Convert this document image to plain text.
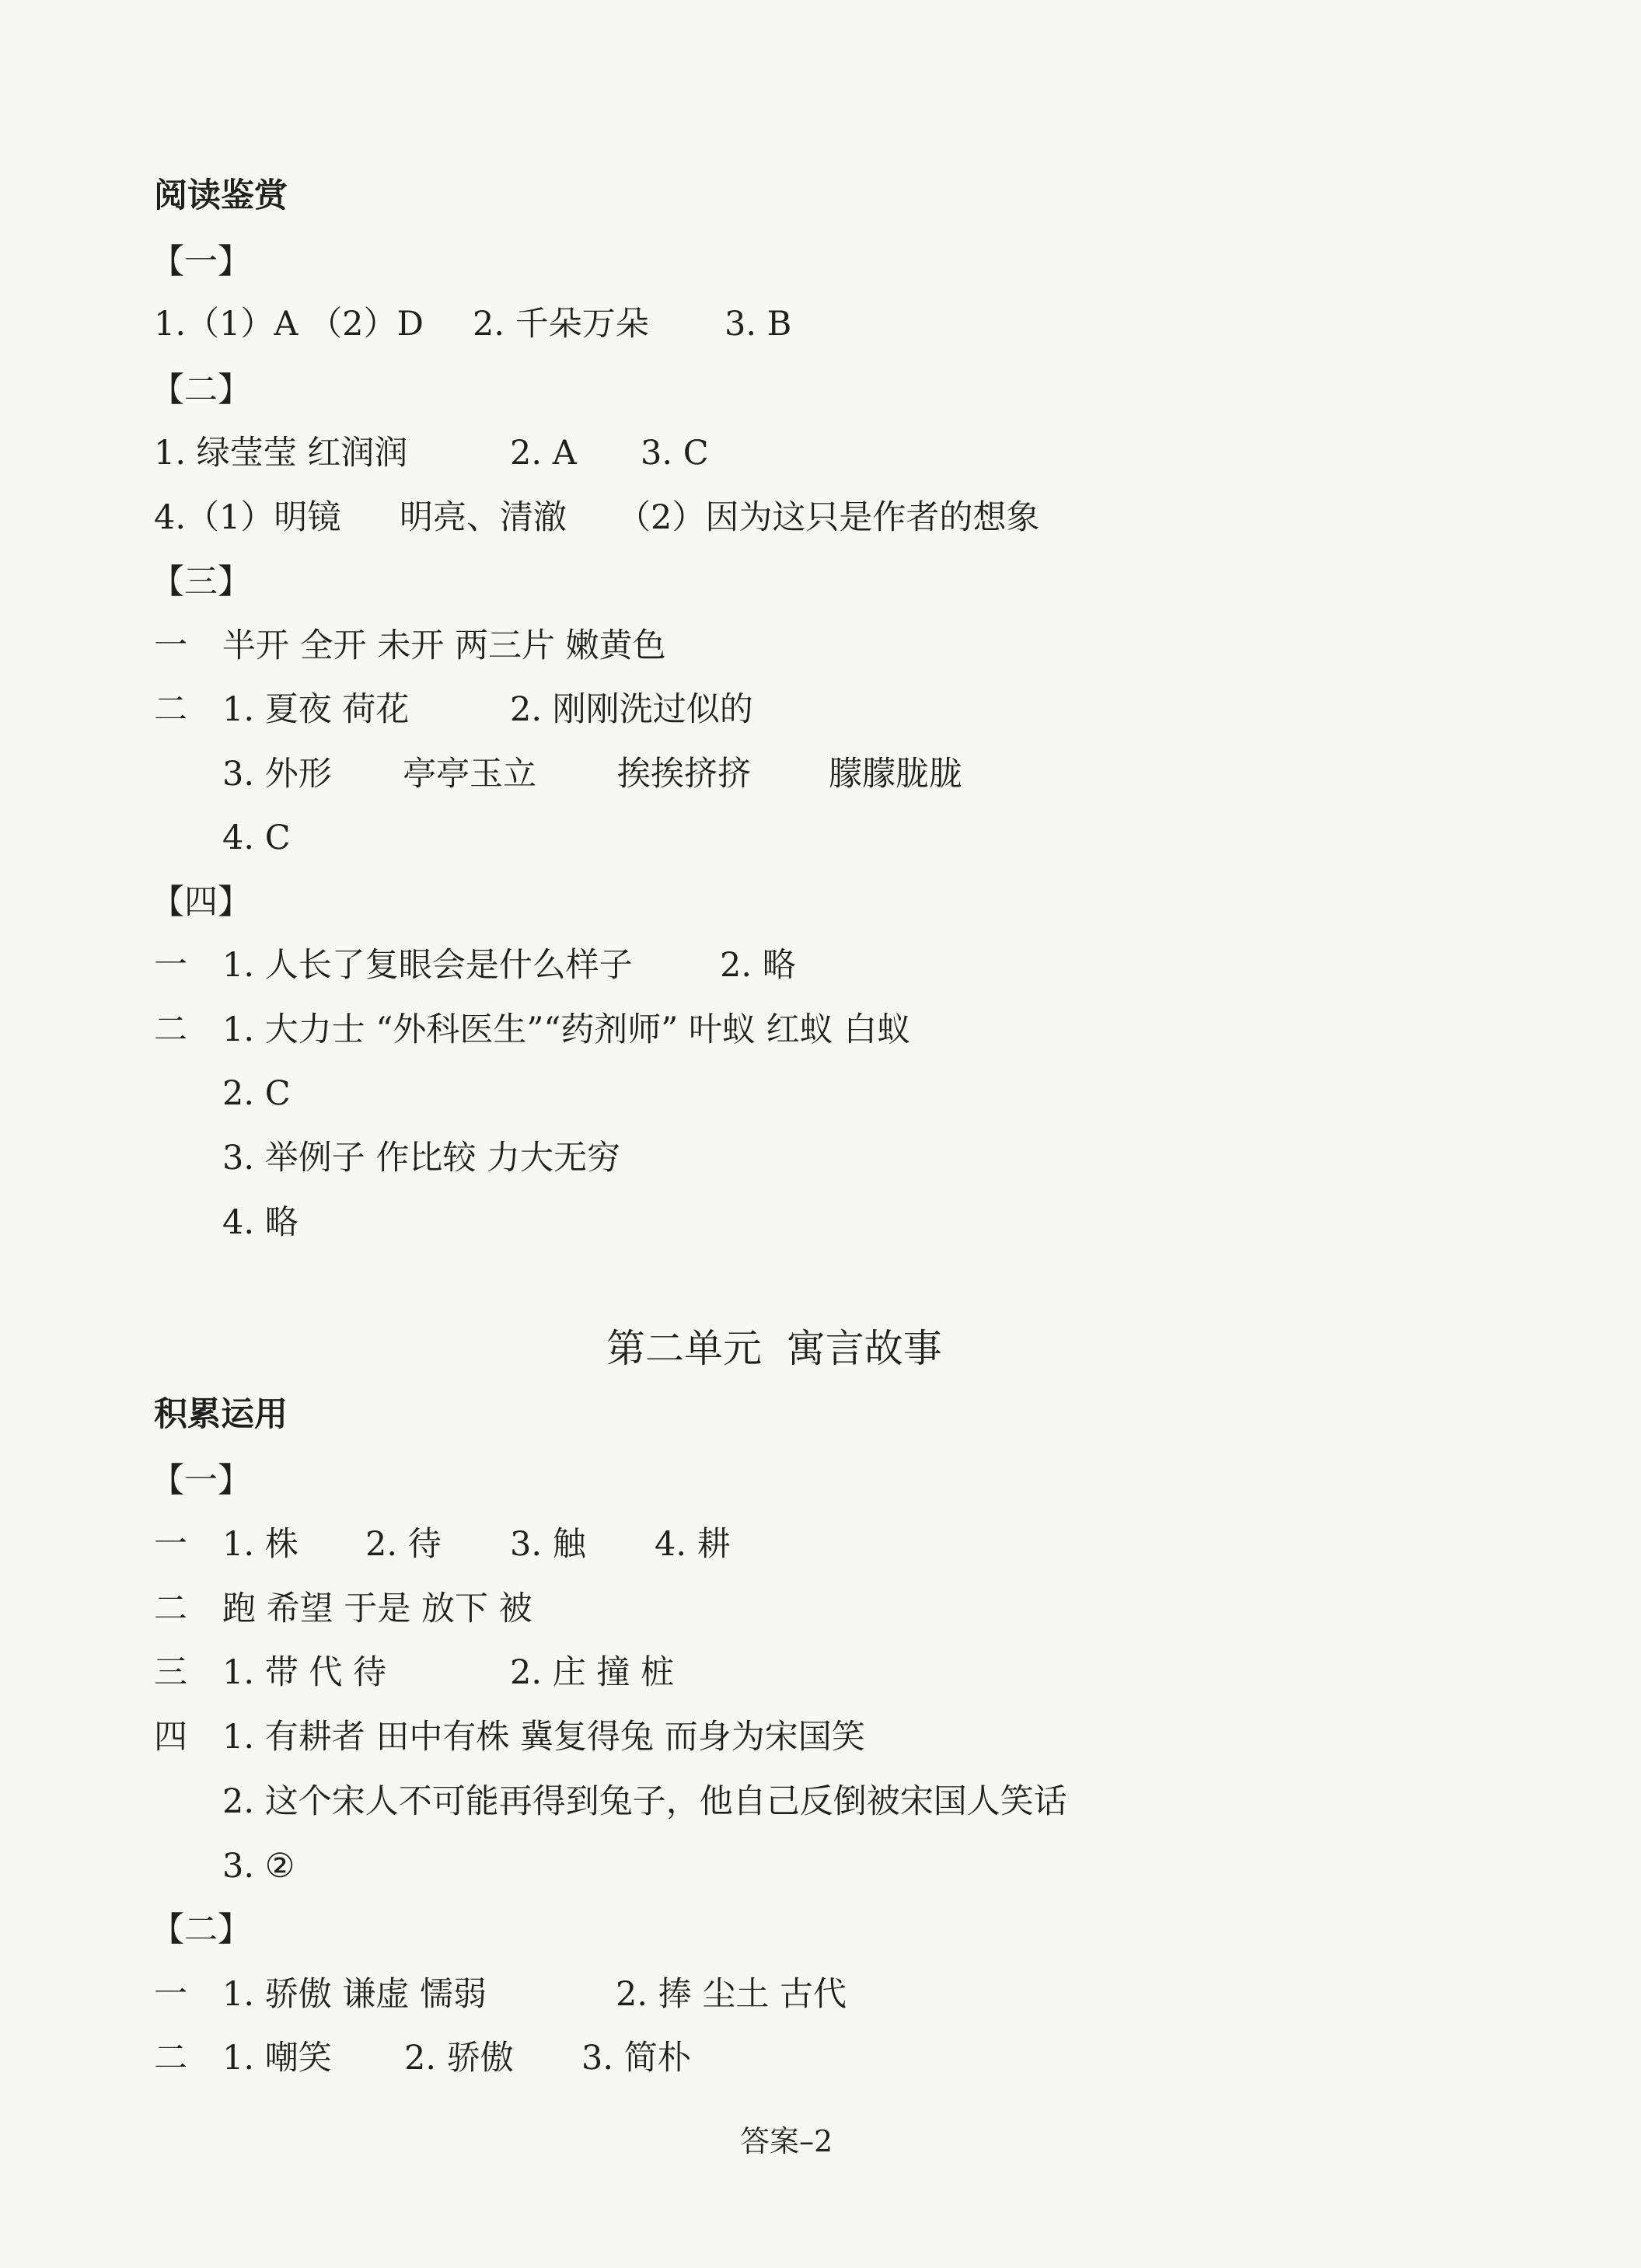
阅读鉴赏
【一】

1.（1）A （2）D

2. 千朵万朵

3. B

【二】

1. 绿莹莹 红润润

	2. A

3. C

4.（1）明镜

明亮、清澈

（2）因为这只是作者的想象

【三】

一

半开 全开 未开 两三片 嫩黄色

二

1. 夏夜 荷花

	2. 刚刚洗过似的

3. 外形

亭亭玉立

挨挨挤挤

朦朦胧胧

4. C
【四】

一

1. 人长了复眼会是什么样子

	2. 略

二

1. 大力士 “外科医生”“药剂师” 叶蚁 红蚁 白蚁

2. C
3. 举例子 作比较 力大无穷
4. 略
第二单元  寓言故事
积累运用
【一】

一

1. 株

2. 待

3. 触

4. 耕

二

跑 希望 于是 放下 被

三

1. 带 代 待

	2. 庄 撞 桩

四

1. 有耕者 田中有株 冀复得兔 而身为宋国笑

2. 这个宋人不可能再得到兔子，他自己反倒被宋国人笑话
3. ②
【二】

一

1. 骄傲 谦虚 懦弱

	2. 捧 尘土 古代

二

1. 嘲笑

2. 骄傲

3. 简朴

答案–2
